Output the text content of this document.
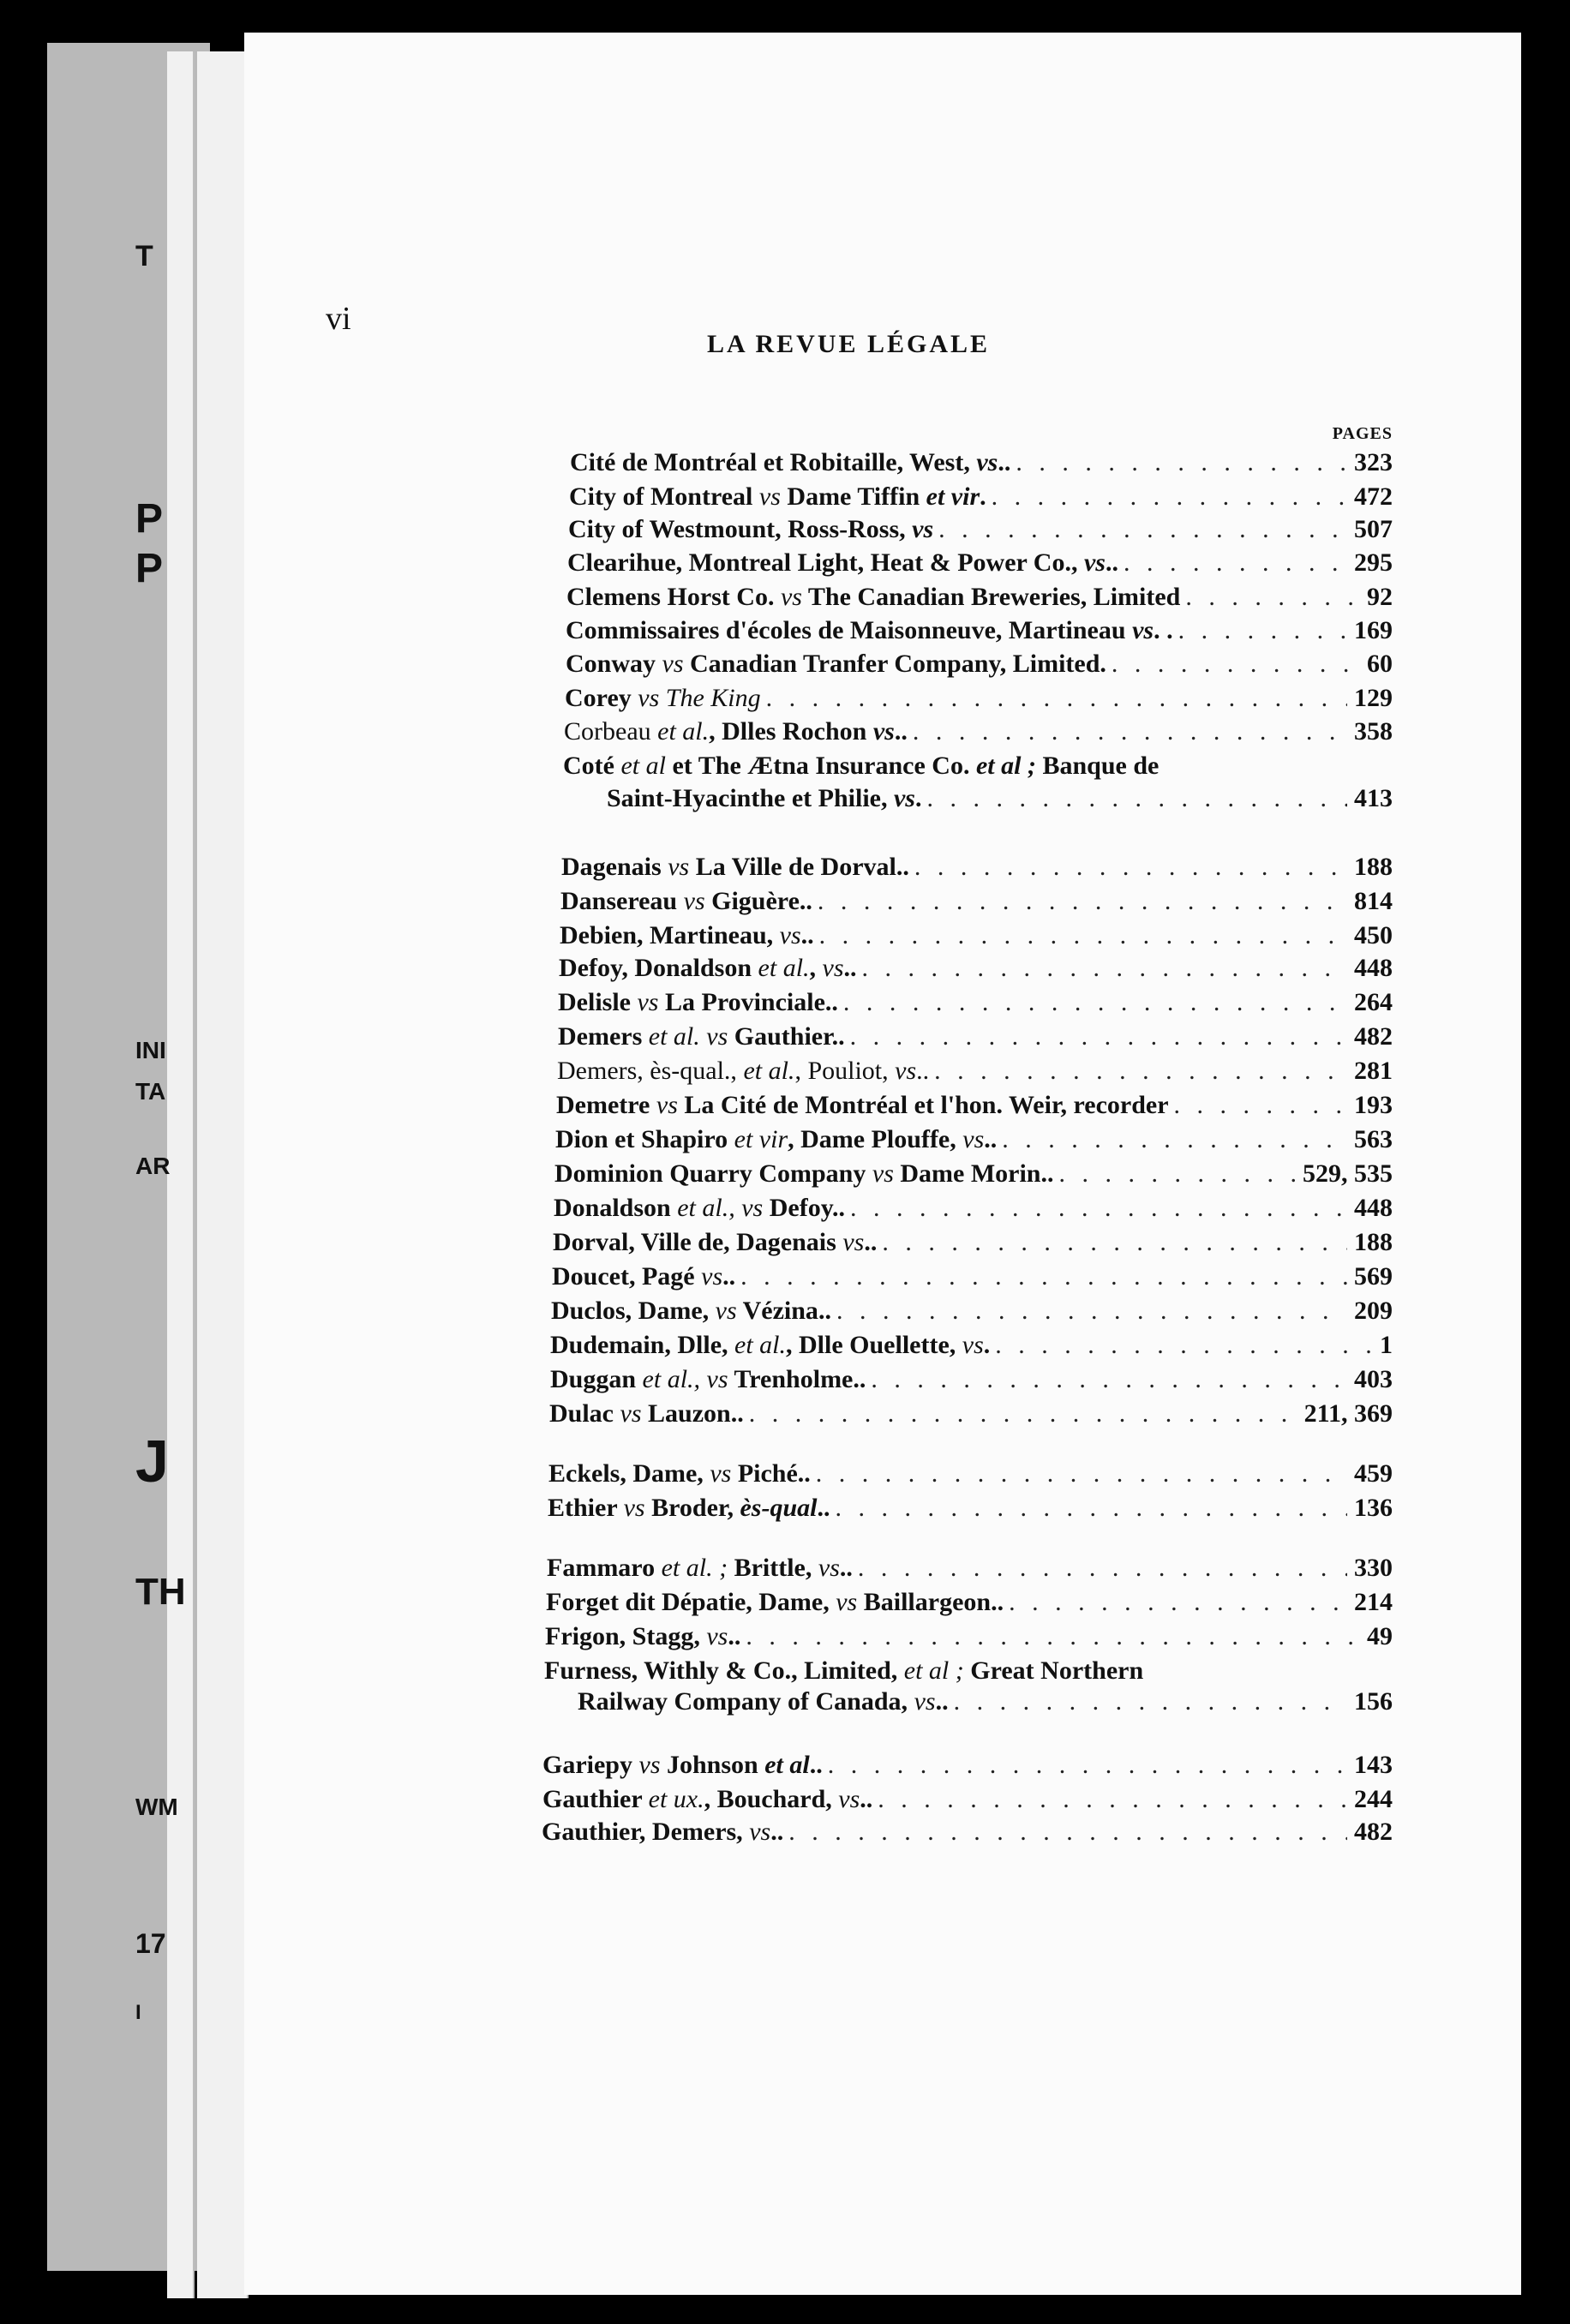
T
P
P
INI
TA
AR
J
TH
WM
17
I
vi
LA REVUE LÉGALE
PAGES
Cité de Montréal et Robitaille, West, vs.. . . .	323
City of Montreal vs Dame Tiffin et vir. . . .	472
City of Westmount, Ross-Ross, vs . . .	507
Clearihue, Montreal Light, Heat & Power Co., vs.. . . .	295
Clemens Horst Co. vs The Canadian Breweries, Limited . . .	92
Commissaires d'écoles de Maisonneuve, Martineau vs. . . . .	169
Conway vs Canadian Tranfer Company, Limited. . . .	60
Corey vs The King . . .	129
Corbeau et al., Dlles Rochon vs.. . . .	358
Coté et al et The Ætna Insurance Co. et al ; Banque de
Saint-Hyacinthe et Philie, vs. . . .	413
Dagenais vs La Ville de Dorval.. . . .	188
Dansereau vs Giguère.. . . .	814
Debien, Martineau, vs.. . . .	450
Defoy, Donaldson et al., vs.. . . .	448
Delisle vs La Provinciale.. . . .	264
Demers et al. vs Gauthier.. . . .	482
Demers, ès-qual., et al., Pouliot, vs.. . . .	281
Demetre vs La Cité de Montréal et l'hon. Weir, recorder . . .	193
Dion et Shapiro et vir, Dame Plouffe, vs.. . . .	563
Dominion Quarry Company vs Dame Morin.. . . .	529, 535
Donaldson et al., vs Defoy.. . . .	448
Dorval, Ville de, Dagenais vs.. . . .	188
Doucet, Pagé vs.. . . .	569
Duclos, Dame, vs Vézina.. . . .	209
Dudemain, Dlle, et al., Dlle Ouellette, vs. . . .	1
Duggan et al., vs Trenholme.. . . .	403
Dulac vs Lauzon.. . . .	211, 369
Eckels, Dame, vs Piché.. . . .	459
Ethier vs Broder, ès-qual.. . . .	136
Fammaro et al. ; Brittle, vs.. . . .	330
Forget dit Dépatie, Dame, vs Baillargeon.. . . .	214
Frigon, Stagg, vs.. . . .	49
Furness, Withly & Co., Limited, et al ; Great Northern
Railway Company of Canada, vs.. . . .	156
Gariepy vs Johnson et al.. . . .	143
Gauthier et ux., Bouchard, vs.. . . .	244
Gauthier, Demers, vs.. . . .	482
